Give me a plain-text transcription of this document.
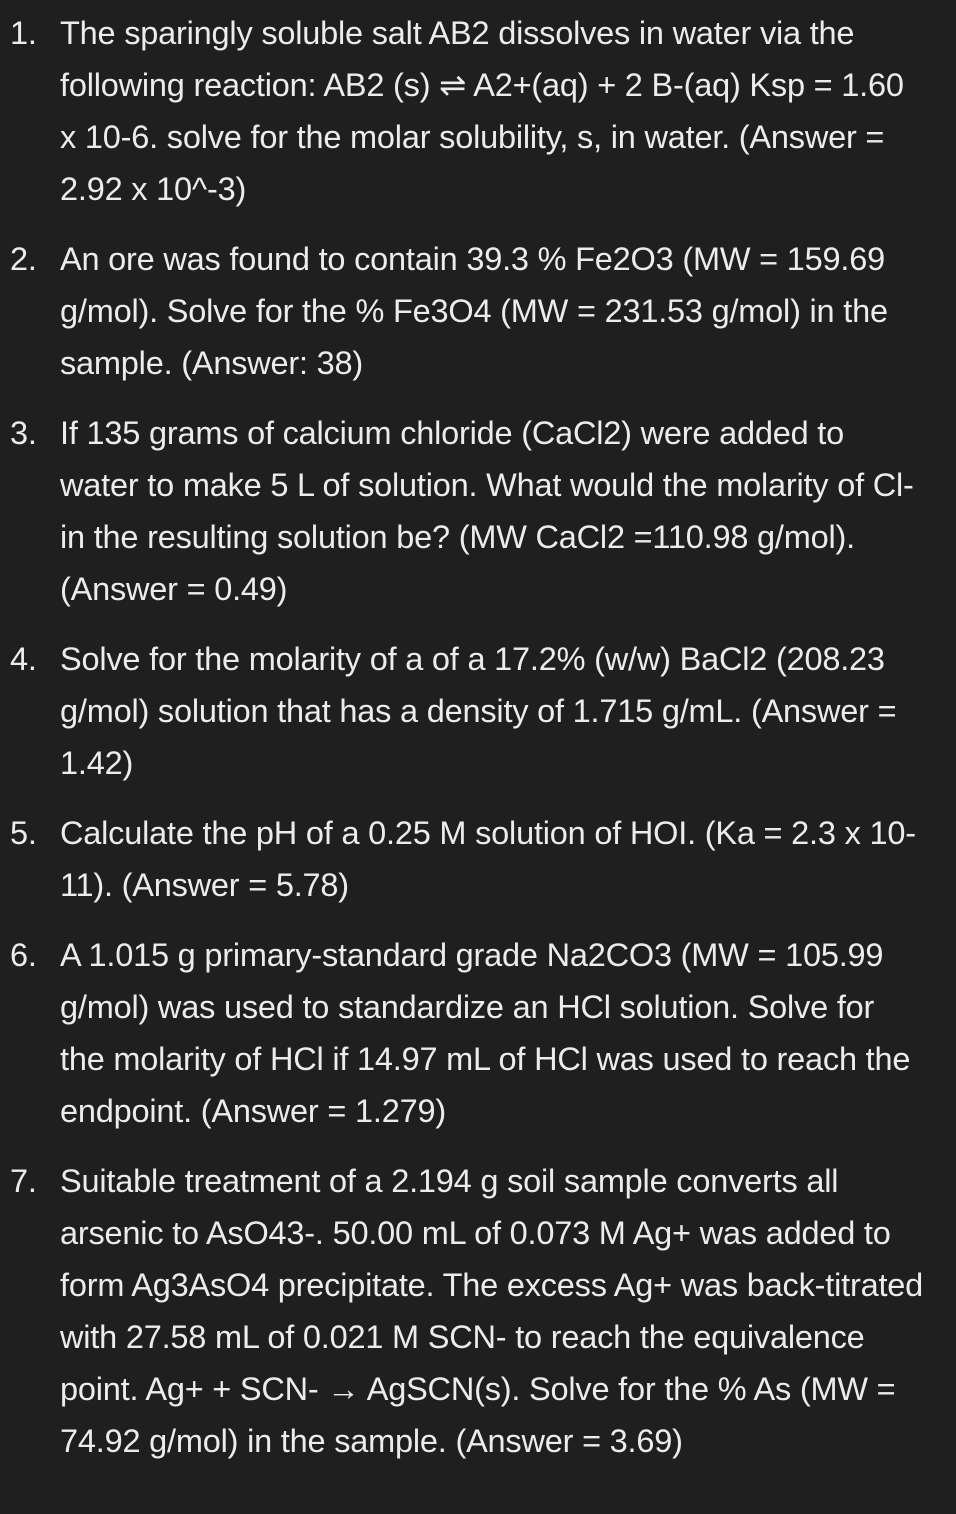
1. The sparingly soluble salt AB2 dissolves in water via the following reaction: AB2 (s) ⇌ A2+(aq) + 2 B-(aq) Ksp = 1.60 x 10-6. solve for the molar solubility, s, in water. (Answer = 2.92 x 10^-3)
2. An ore was found to contain 39.3 % Fe2O3 (MW = 159.69 g/mol). Solve for the % Fe3O4 (MW = 231.53 g/mol) in the sample. (Answer: 38)
3. If 135 grams of calcium chloride (CaCl2) were added to water to make 5 L of solution. What would the molarity of Cl- in the resulting solution be? (MW CaCl2 =110.98 g/mol). (Answer = 0.49)
4. Solve for the molarity of a of a 17.2% (w/w) BaCl2 (208.23 g/mol) solution that has a density of 1.715 g/mL. (Answer = 1.42)
5. Calculate the pH of a 0.25 M solution of HOI. (Ka = 2.3 x 10-11). (Answer = 5.78)
6. A 1.015 g primary-standard grade Na2CO3 (MW = 105.99 g/mol) was used to standardize an HCl solution. Solve for the molarity of HCl if 14.97 mL of HCl was used to reach the endpoint. (Answer = 1.279)
7. Suitable treatment of a 2.194 g soil sample converts all arsenic to AsO43-. 50.00 mL of 0.073 M Ag+ was added to form Ag3AsO4 precipitate. The excess Ag+ was back-titrated with 27.58 mL of 0.021 M SCN- to reach the equivalence point. Ag+ + SCN- → AgSCN(s). Solve for the % As (MW = 74.92 g/mol) in the sample. (Answer = 3.69)
